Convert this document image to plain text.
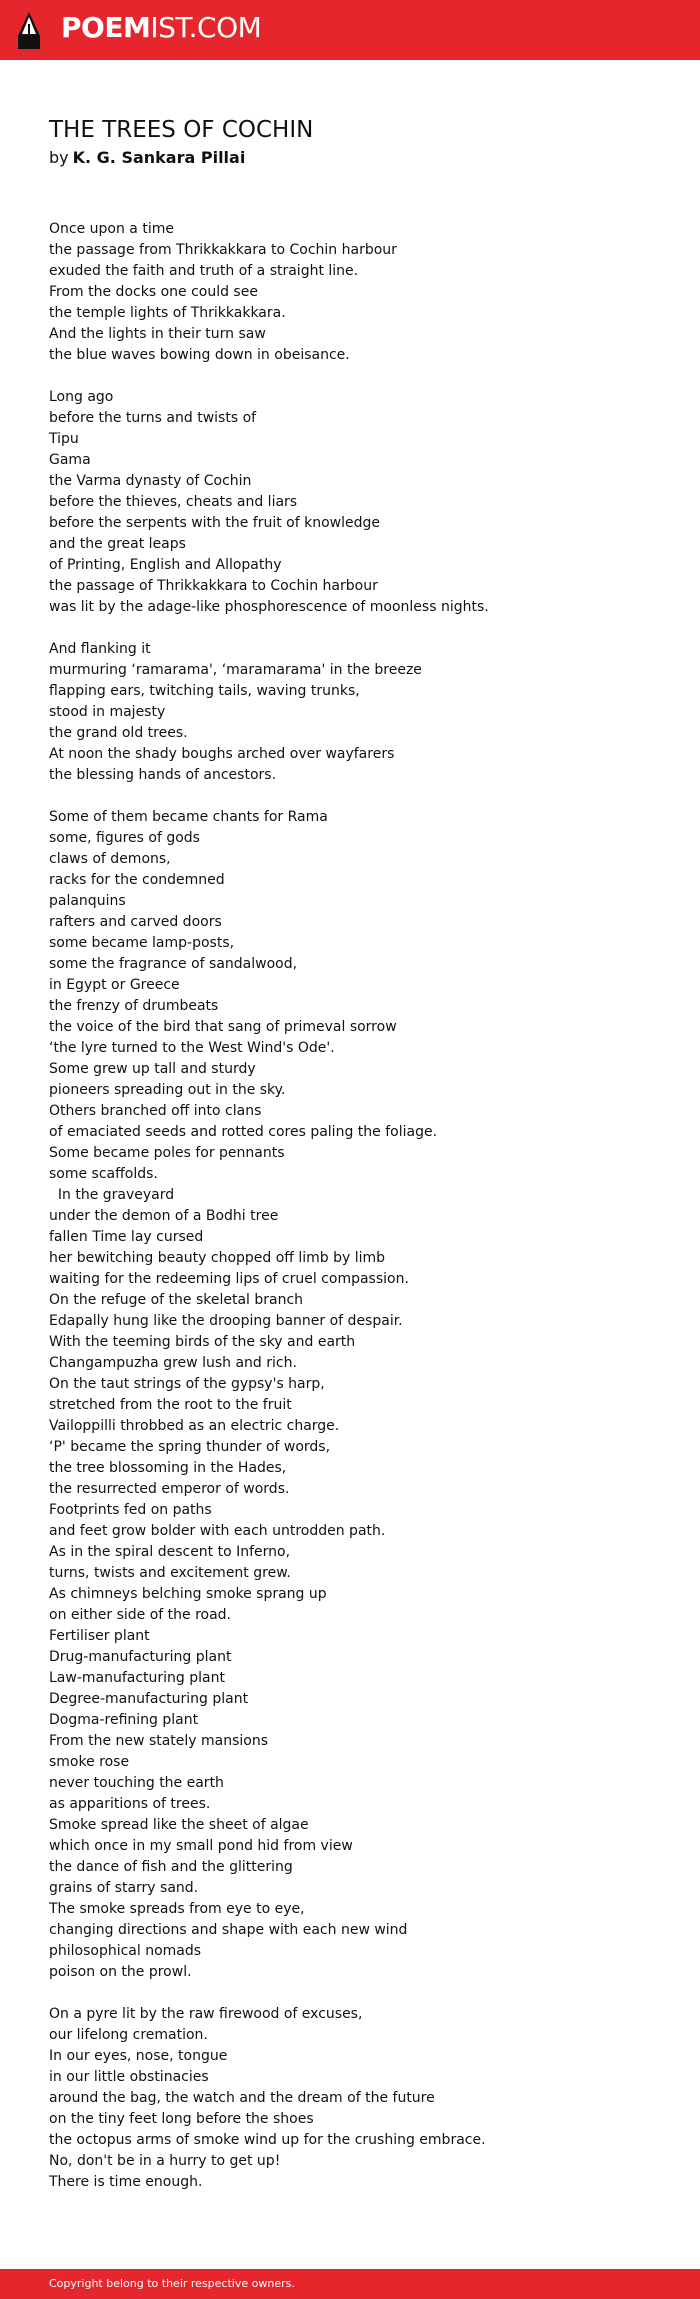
POEMIST.COM
THE TREES OF COCHIN
by K. G. Sankara Pillai
Once upon a time
the passage from Thrikkakkara to Cochin harbour
exuded the faith and truth of a straight line.
From the docks one could see
the temple lights of Thrikkakkara.
And the lights in their turn saw
the blue waves bowing down in obeisance.
Long ago
before the turns and twists of
Tipu
Gama
the Varma dynasty of Cochin
before the thieves, cheats and liars
before the serpents with the fruit of knowledge
and the great leaps
of Printing, English and Allopathy
the passage of Thrikkakkara to Cochin harbour
was lit by the adage-like phosphorescence of moonless nights.
And flanking it
murmuring ‘ramarama', ‘maramarama' in the breeze
flapping ears, twitching tails, waving trunks,
stood in majesty
the grand old trees.
At noon the shady boughs arched over wayfarers
the blessing hands of ancestors.
Some of them became chants for Rama
some, figures of gods
claws of demons,
racks for the condemned
palanquins
rafters and carved doors
some became lamp-posts,
some the fragrance of sandalwood,
in Egypt or Greece
the frenzy of drumbeats
the voice of the bird that sang of primeval sorrow
‘the lyre turned to the West Wind's Ode'.
Some grew up tall and sturdy
pioneers spreading out in the sky.
Others branched off into clans
of emaciated seeds and rotted cores paling the foliage.
Some became poles for pennants
some scaffolds.
In the graveyard
under the demon of a Bodhi tree
fallen Time lay cursed
her bewitching beauty chopped off limb by limb
waiting for the redeeming lips of cruel compassion.
On the refuge of the skeletal branch
Edapally hung like the drooping banner of despair.
With the teeming birds of the sky and earth
Changampuzha grew lush and rich.
On the taut strings of the gypsy's harp,
stretched from the root to the fruit
Vailoppilli throbbed as an electric charge.
‘P' became the spring thunder of words,
the tree blossoming in the Hades,
the resurrected emperor of words.
Footprints fed on paths
and feet grow bolder with each untrodden path.
As in the spiral descent to Inferno,
turns, twists and excitement grew.
As chimneys belching smoke sprang up
on either side of the road.
Fertiliser plant
Drug-manufacturing plant
Law-manufacturing plant
Degree-manufacturing plant
Dogma-refining plant
From the new stately mansions
smoke rose
never touching the earth
as apparitions of trees.
Smoke spread like the sheet of algae
which once in my small pond hid from view
the dance of fish and the glittering
grains of starry sand.
The smoke spreads from eye to eye,
changing directions and shape with each new wind
philosophical nomads
poison on the prowl.
On a pyre lit by the raw firewood of excuses,
our lifelong cremation.
In our eyes, nose, tongue
in our little obstinacies
around the bag, the watch and the dream of the future
on the tiny feet long before the shoes
the octopus arms of smoke wind up for the crushing embrace.
No, don't be in a hurry to get up!
There is time enough.
Copyright belong to their respective owners.
